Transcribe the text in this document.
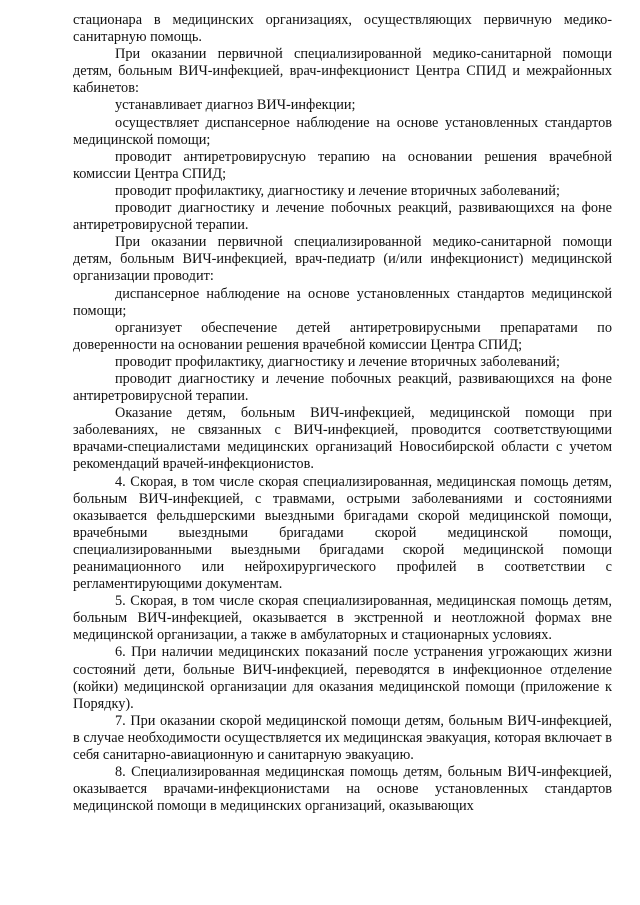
стационара в медицинских организациях, осуществляющих первичную медико-санитарную помощь.

При оказании первичной специализированной медико-санитарной помощи детям, больным ВИЧ-инфекцией, врач-инфекционист Центра СПИД и межрайонных кабинетов:

устанавливает диагноз ВИЧ-инфекции;

осуществляет диспансерное наблюдение на основе установленных стандартов медицинской помощи;

проводит антиретровирусную терапию на основании решения врачебной комиссии Центра СПИД;

проводит профилактику, диагностику и лечение вторичных заболеваний;

проводит диагностику и лечение побочных реакций, развивающихся на фоне антиретровирусной терапии.

При оказании первичной специализированной медико-санитарной помощи детям, больным ВИЧ-инфекцией, врач-педиатр (и/или инфекционист) медицинской организации проводит:

диспансерное наблюдение на основе установленных стандартов медицинской помощи;

организует обеспечение детей антиретровирусными препаратами по доверенности на основании решения врачебной комиссии Центра СПИД;

проводит профилактику, диагностику и лечение вторичных заболеваний;

проводит диагностику и лечение побочных реакций, развивающихся на фоне антиретровирусной терапии.

Оказание детям, больным ВИЧ-инфекцией, медицинской помощи при заболеваниях, не связанных с ВИЧ-инфекцией, проводится соответствующими врачами-специалистами медицинских организаций Новосибирской области с учетом рекомендаций врачей-инфекционистов.

4. Скорая, в том числе скорая специализированная, медицинская помощь детям, больным ВИЧ-инфекцией, с травмами, острыми заболеваниями и состояниями оказывается фельдшерскими выездными бригадами скорой медицинской помощи, врачебными выездными бригадами скорой медицинской помощи, специализированными выездными бригадами скорой медицинской помощи реанимационного или нейрохирургического профилей в соответствии с регламентирующими документам.

5. Скорая, в том числе скорая специализированная, медицинская помощь детям, больным ВИЧ-инфекцией, оказывается в экстренной и неотложной формах вне медицинской организации, а также в амбулаторных и стационарных условиях.

6. При наличии медицинских показаний после устранения угрожающих жизни состояний дети, больные ВИЧ-инфекцией, переводятся в инфекционное отделение (койки) медицинской организации для оказания медицинской помощи (приложение к Порядку).

7. При оказании скорой медицинской помощи детям, больным ВИЧ-инфекцией, в случае необходимости осуществляется их медицинская эвакуация, которая включает в себя санитарно-авиационную и санитарную эвакуацию.

8. Специализированная медицинская помощь детям, больным ВИЧ-инфекцией, оказывается врачами-инфекционистами на основе установленных стандартов медицинской помощи в медицинских организаций, оказывающих
